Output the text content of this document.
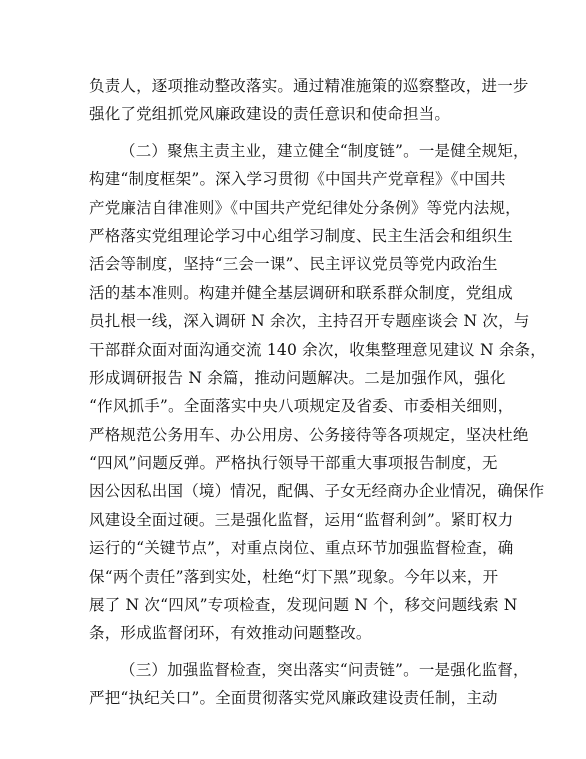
负责人，逐项推动整改落实。通过精准施策的巡察整改，进一步
强化了党组抓党风廉政建设的责任意识和使命担当。
（二）聚焦主责主业，建立健全“制度链”。一是健全规矩，
构建“制度框架”。深入学习贯彻《中国共产党章程》《中国共
产党廉洁自律准则》《中国共产党纪律处分条例》等党内法规，
严格落实党组理论学习中心组学习制度、民主生活会和组织生
活会等制度，坚持“三会一课”、民主评议党员等党内政治生
活的基本准则。构建并健全基层调研和联系群众制度，党组成
员扎根一线，深入调研 N 余次，主持召开专题座谈会 N 次，与
干部群众面对面沟通交流 140 余次，收集整理意见建议 N 余条，
形成调研报告 N 余篇，推动问题解决。二是加强作风，强化
“作风抓手”。全面落实中央八项规定及省委、市委相关细则，
严格规范公务用车、办公用房、公务接待等各项规定，坚决杜绝
“四风”问题反弹。严格执行领导干部重大事项报告制度，无
因公因私出国（境）情况，配偶、子女无经商办企业情况，确保作
风建设全面过硬。三是强化监督，运用“监督利剑”。紧盯权力
运行的“关键节点”，对重点岗位、重点环节加强监督检查，确
保“两个责任”落到实处，杜绝“灯下黑”现象。今年以来，开
展了 N 次“四风”专项检查，发现问题 N 个，移交问题线索 N
条，形成监督闭环，有效推动问题整改。
（三）加强监督检查，突出落实“问责链”。一是强化监督，
严把“执纪关口”。全面贯彻落实党风廉政建设责任制，主动
